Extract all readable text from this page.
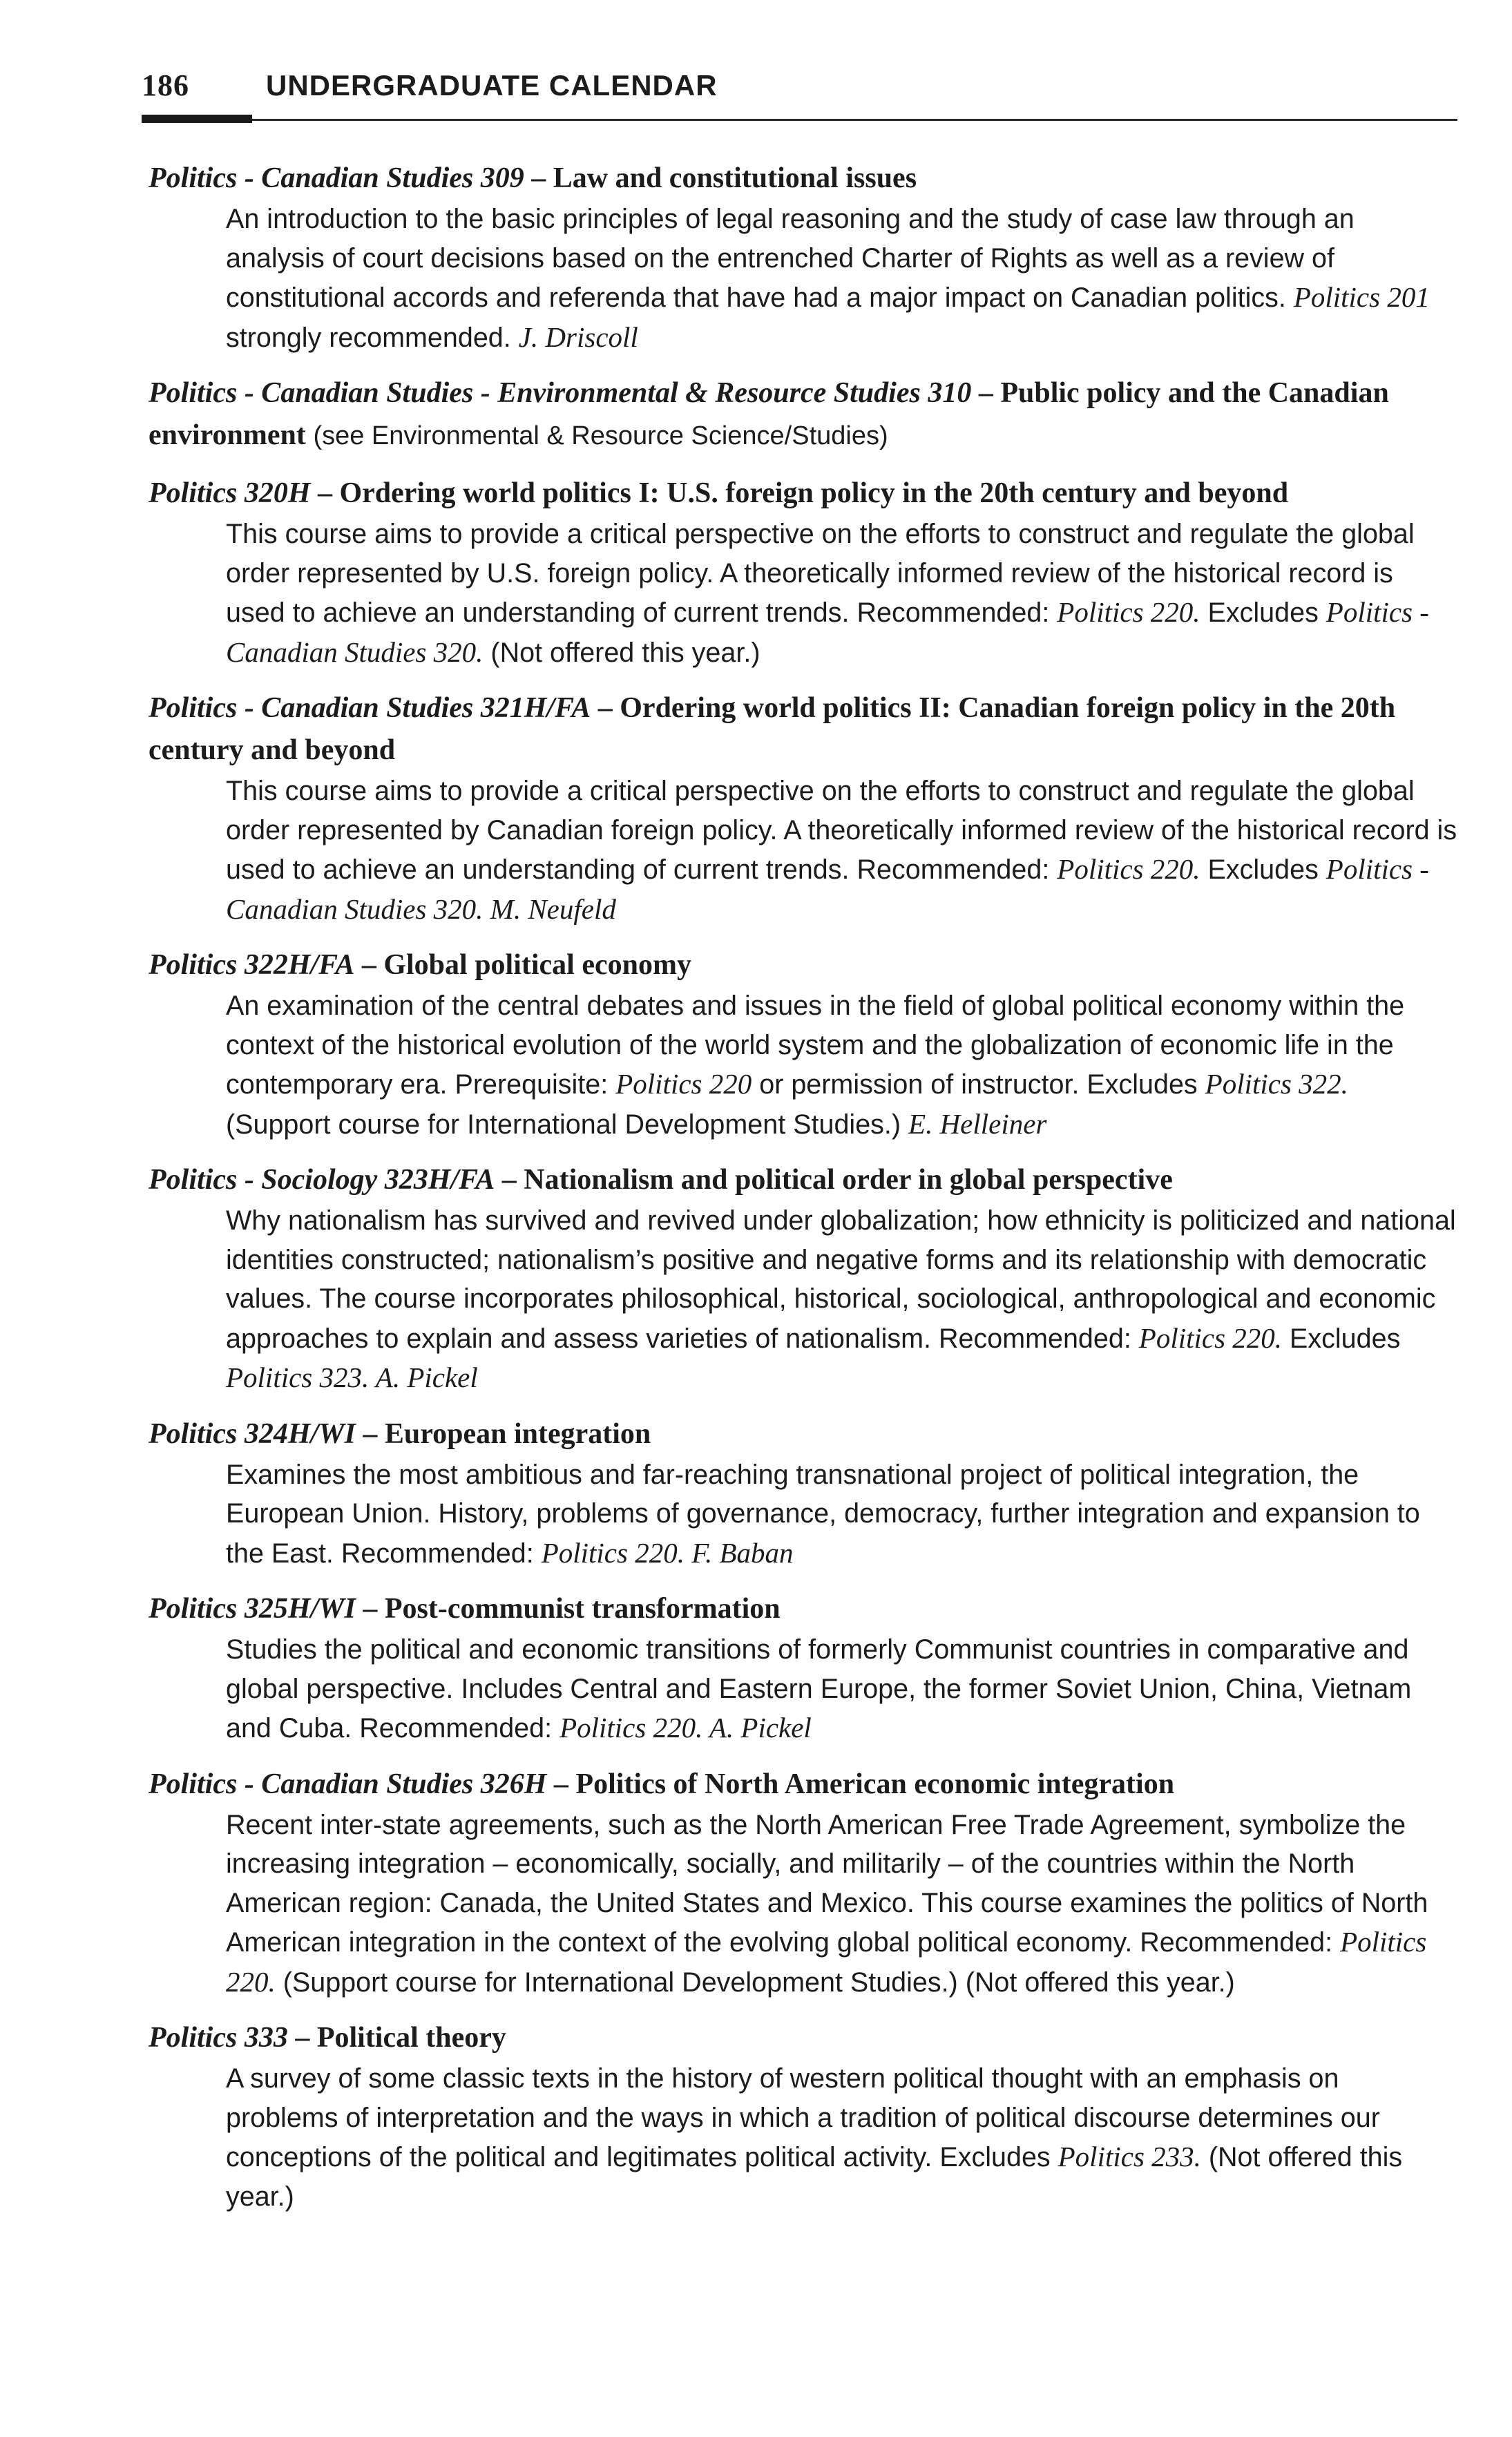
186	UNDERGRADUATE CALENDAR

Politics - Canadian Studies 309 – Law and constitutional issues

An introduction to the basic principles of legal reasoning and the study of case law through an analysis of court decisions based on the entrenched Charter of Rights as well as a review of constitutional accords and referenda that have had a major impact on Canadian politics. Politics 201 strongly recommended. J. Driscoll

Politics - Canadian Studies - Environmental & Resource Studies 310 – Public policy and the Canadian environment (see Environmental & Resource Science/Studies)

Politics 320H – Ordering world politics I: U.S. foreign policy in the 20th century and beyond

This course aims to provide a critical perspective on the efforts to construct and regulate the global order represented by U.S. foreign policy. A theoretically informed review of the historical record is used to achieve an understanding of current trends. Recommended: Politics 220. Excludes Politics - Canadian Studies 320. (Not offered this year.)

Politics - Canadian Studies 321H/FA – Ordering world politics II: Canadian foreign policy in the 20th century and beyond

This course aims to provide a critical perspective on the efforts to construct and regulate the global order represented by Canadian foreign policy. A theoretically informed review of the historical record is used to achieve an understanding of current trends. Recommended: Politics 220. Excludes Politics - Canadian Studies 320. M. Neufeld

Politics 322H/FA – Global political economy

An examination of the central debates and issues in the field of global political economy within the context of the historical evolution of the world system and the globalization of economic life in the contemporary era. Prerequisite: Politics 220 or permission of instructor. Excludes Politics 322. (Support course for International Development Studies.) E. Helleiner

Politics - Sociology 323H/FA – Nationalism and political order in global perspective

Why nationalism has survived and revived under globalization; how ethnicity is politicized and national identities constructed; nationalism’s positive and negative forms and its relationship with democratic values. The course incorporates philosophical, historical, sociological, anthropological and economic approaches to explain and assess varieties of nationalism. Recommended: Politics 220. Excludes Politics 323. A. Pickel

Politics 324H/WI – European integration

Examines the most ambitious and far-reaching transnational project of political integration, the European Union. History, problems of governance, democracy, further integration and expansion to the East. Recommended: Politics 220. F. Baban

Politics 325H/WI – Post-communist transformation

Studies the political and economic transitions of formerly Communist countries in comparative and global perspective. Includes Central and Eastern Europe, the former Soviet Union, China, Vietnam and Cuba. Recommended: Politics 220. A. Pickel

Politics - Canadian Studies 326H – Politics of North American economic integration

Recent inter-state agreements, such as the North American Free Trade Agreement, symbolize the increasing integration – economically, socially, and militarily – of the countries within the North American region: Canada, the United States and Mexico. This course examines the politics of North American integration in the context of the evolving global political economy. Recommended: Politics 220. (Support course for International Development Studies.) (Not offered this year.)

Politics 333 – Political theory

A survey of some classic texts in the history of western political thought with an emphasis on problems of interpretation and the ways in which a tradition of political discourse determines our conceptions of the political and legitimates political activity. Excludes Politics 233. (Not offered this year.)
